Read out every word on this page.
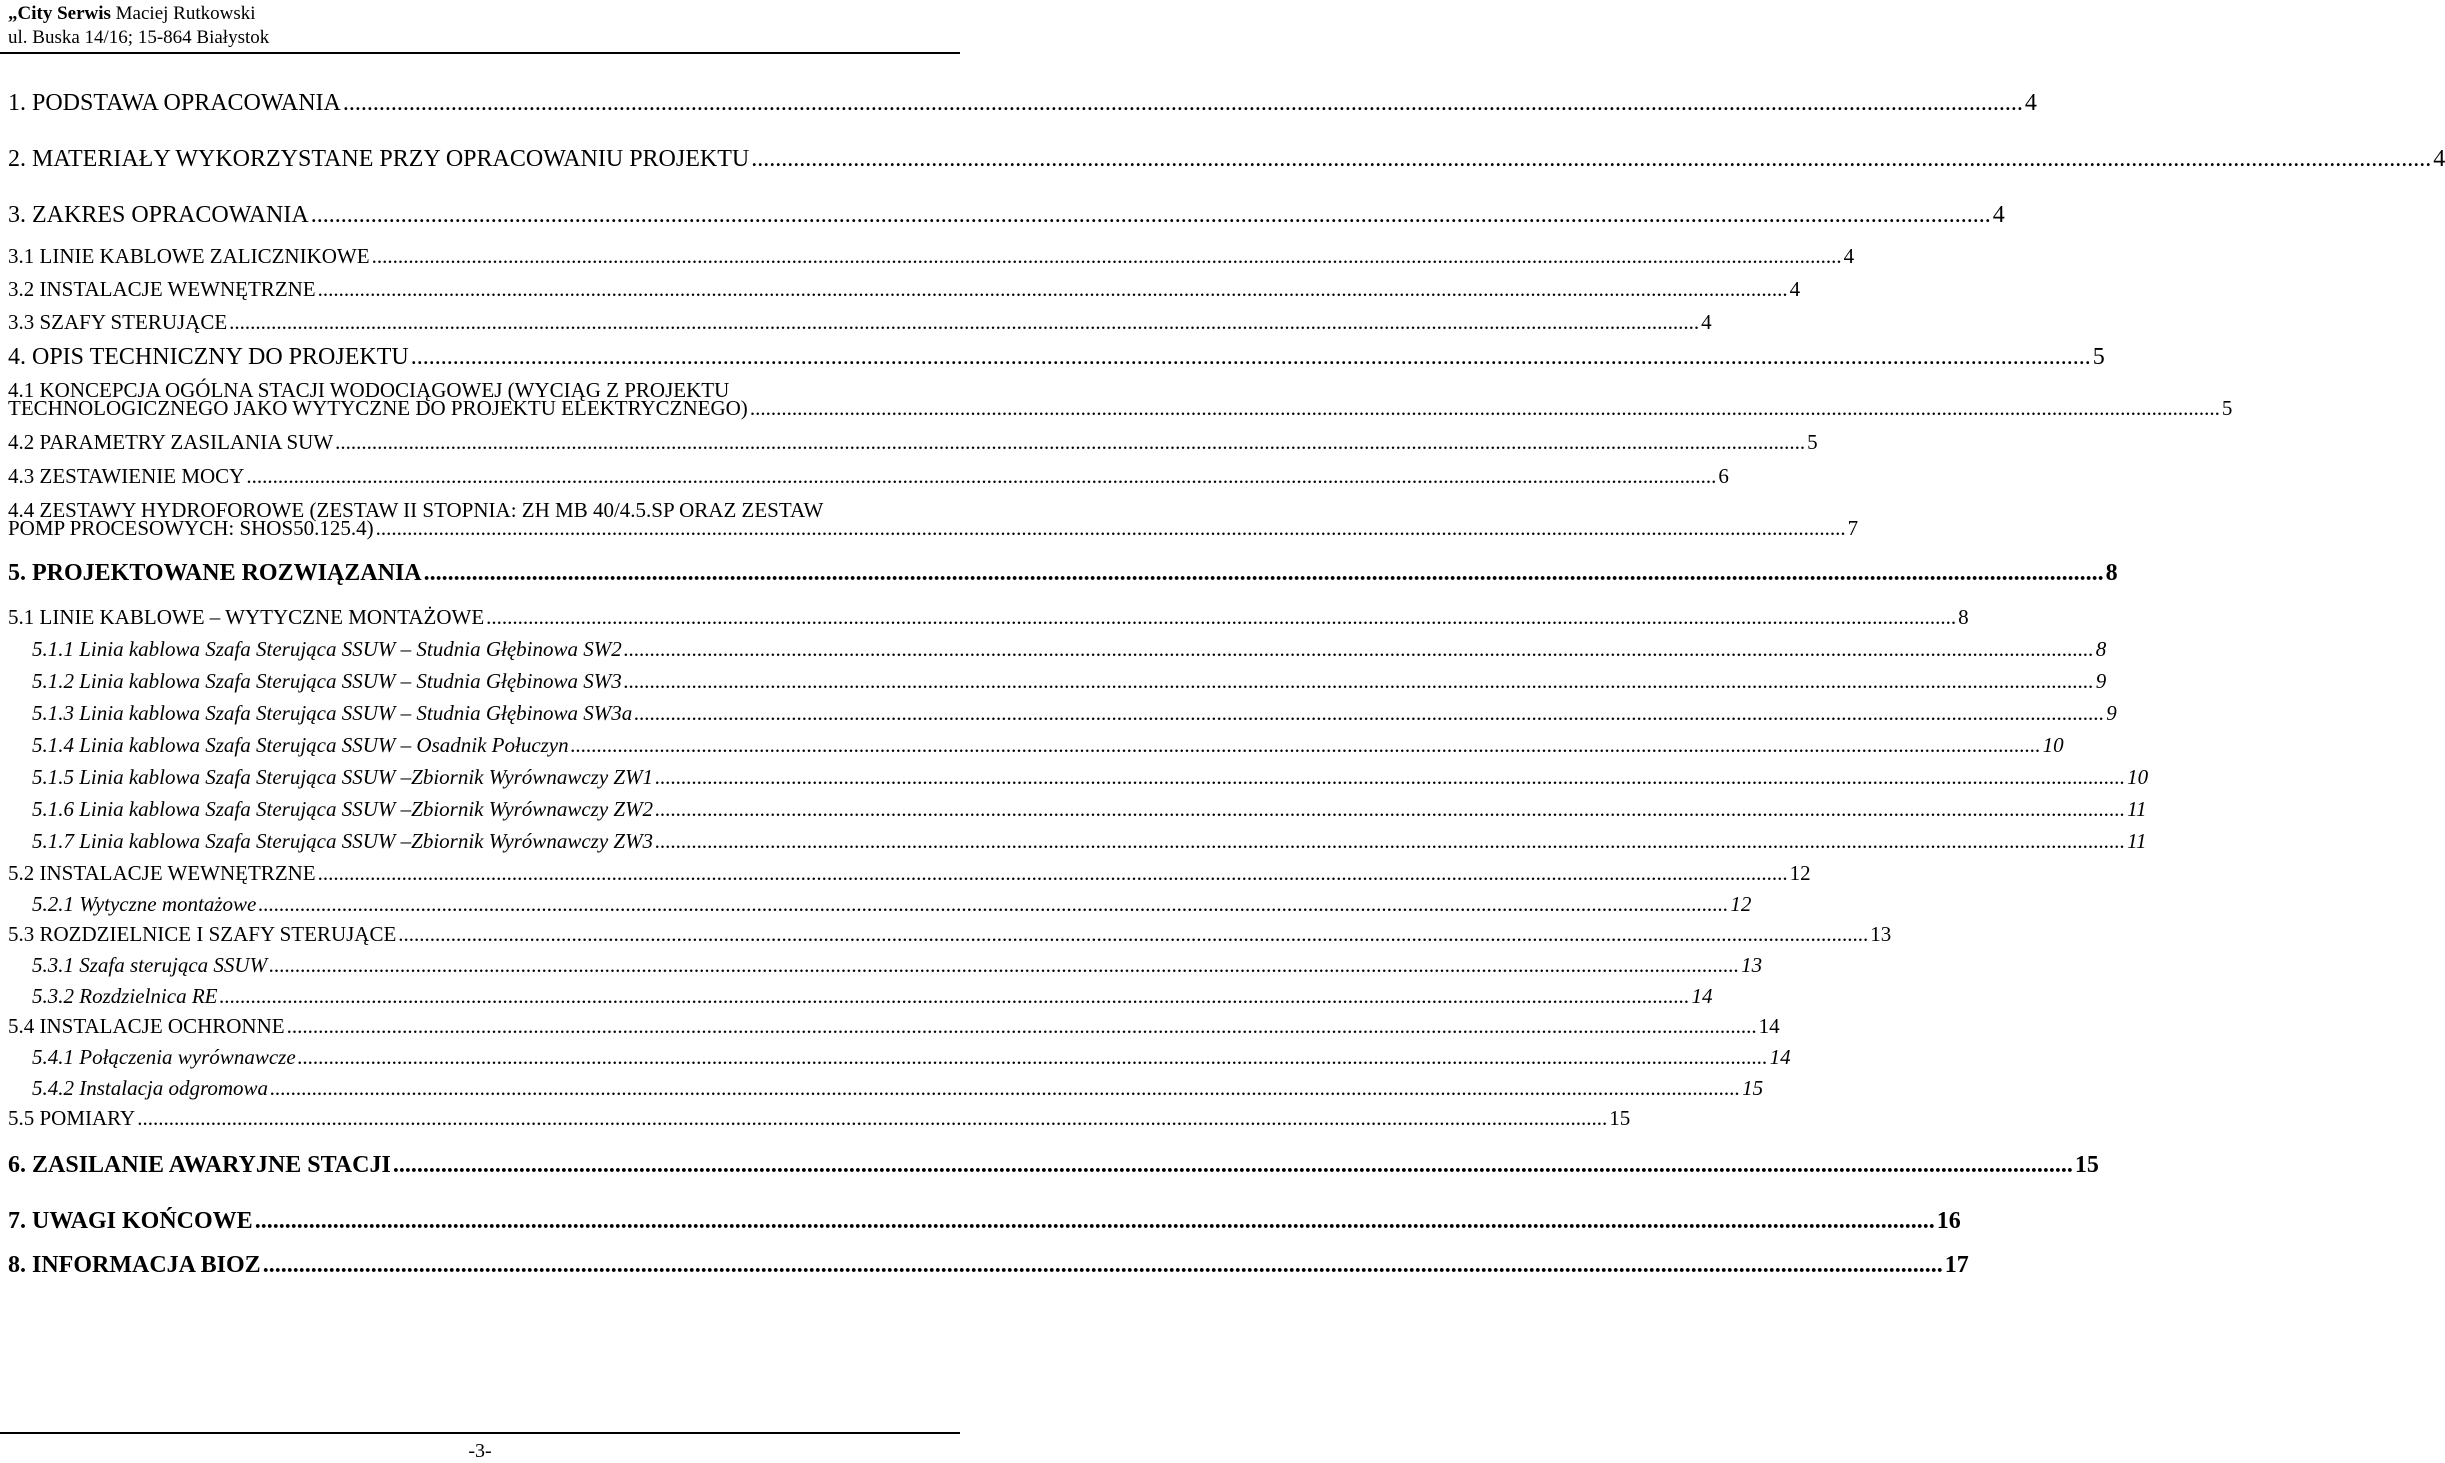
„City Serwis Maciej Rutkowski
ul. Buska 14/16; 15-864 Białystok
1. PODSTAWA OPRACOWANIA .....	4
2. MATERIAŁY WYKORZYSTANE PRZY OPRACOWANIU PROJEKTU .....	4
3. ZAKRES OPRACOWANIA .....	4
3.1 LINIE KABLOWE ZALICZNIKOWE .....	4
3.2 INSTALACJE WEWNĘTRZNE .....	4
3.3 SZAFY STERUJĄCE .....	4
4. OPIS TECHNICZNY DO PROJEKTU .....	5
4.1 KONCEPCJA OGÓLNA STACJI WODOCIĄGOWEJ (WYCIĄG Z PROJEKTU
TECHNOLOGICZNEGO JAKO WYTYCZNE DO PROJEKTU ELEKTRYCZNEGO) .....	5
4.2 PARAMETRY ZASILANIA SUW .....	5
4.3 ZESTAWIENIE MOCY .....	6
4.4 ZESTAWY HYDROFOROWE (ZESTAW II STOPNIA: ZH MB 40/4.5.SP ORAZ ZESTAW
POMP PROCESOWYCH: SHOS50.125.4) .....	7
5. PROJEKTOWANE ROZWIĄZANIA .....	8
5.1 LINIE KABLOWE – WYTYCZNE MONTAŻOWE .....	8
5.1.1 Linia kablowa Szafa Sterująca SSUW – Studnia Głębinowa SW2 .....	8
5.1.2 Linia kablowa Szafa Sterująca SSUW – Studnia Głębinowa SW3 .....	9
5.1.3 Linia kablowa Szafa Sterująca SSUW – Studnia Głębinowa SW3a .....	9
5.1.4 Linia kablowa Szafa Sterująca SSUW – Osadnik Połuczyn .....	10
5.1.5 Linia kablowa Szafa Sterująca SSUW –Zbiornik Wyrównawczy ZW1 .....	10
5.1.6 Linia kablowa Szafa Sterująca SSUW –Zbiornik Wyrównawczy ZW2 .....	11
5.1.7 Linia kablowa Szafa Sterująca SSUW –Zbiornik Wyrównawczy ZW3 .....	11
5.2 INSTALACJE WEWNĘTRZNE .....	12
5.2.1 Wytyczne montażowe .....	12
5.3 ROZDZIELNICE I SZAFY STERUJĄCE .....	13
5.3.1 Szafa sterująca SSUW .....	13
5.3.2 Rozdzielnica RE .....	14
5.4 INSTALACJE OCHRONNE .....	14
5.4.1 Połączenia wyrównawcze .....	14
5.4.2 Instalacja odgromowa .....	15
5.5 POMIARY .....	15
6. ZASILANIE AWARYJNE STACJI .....	15
7. UWAGI KOŃCOWE .....	16
8. INFORMACJA BIOZ .....	17
-3-
